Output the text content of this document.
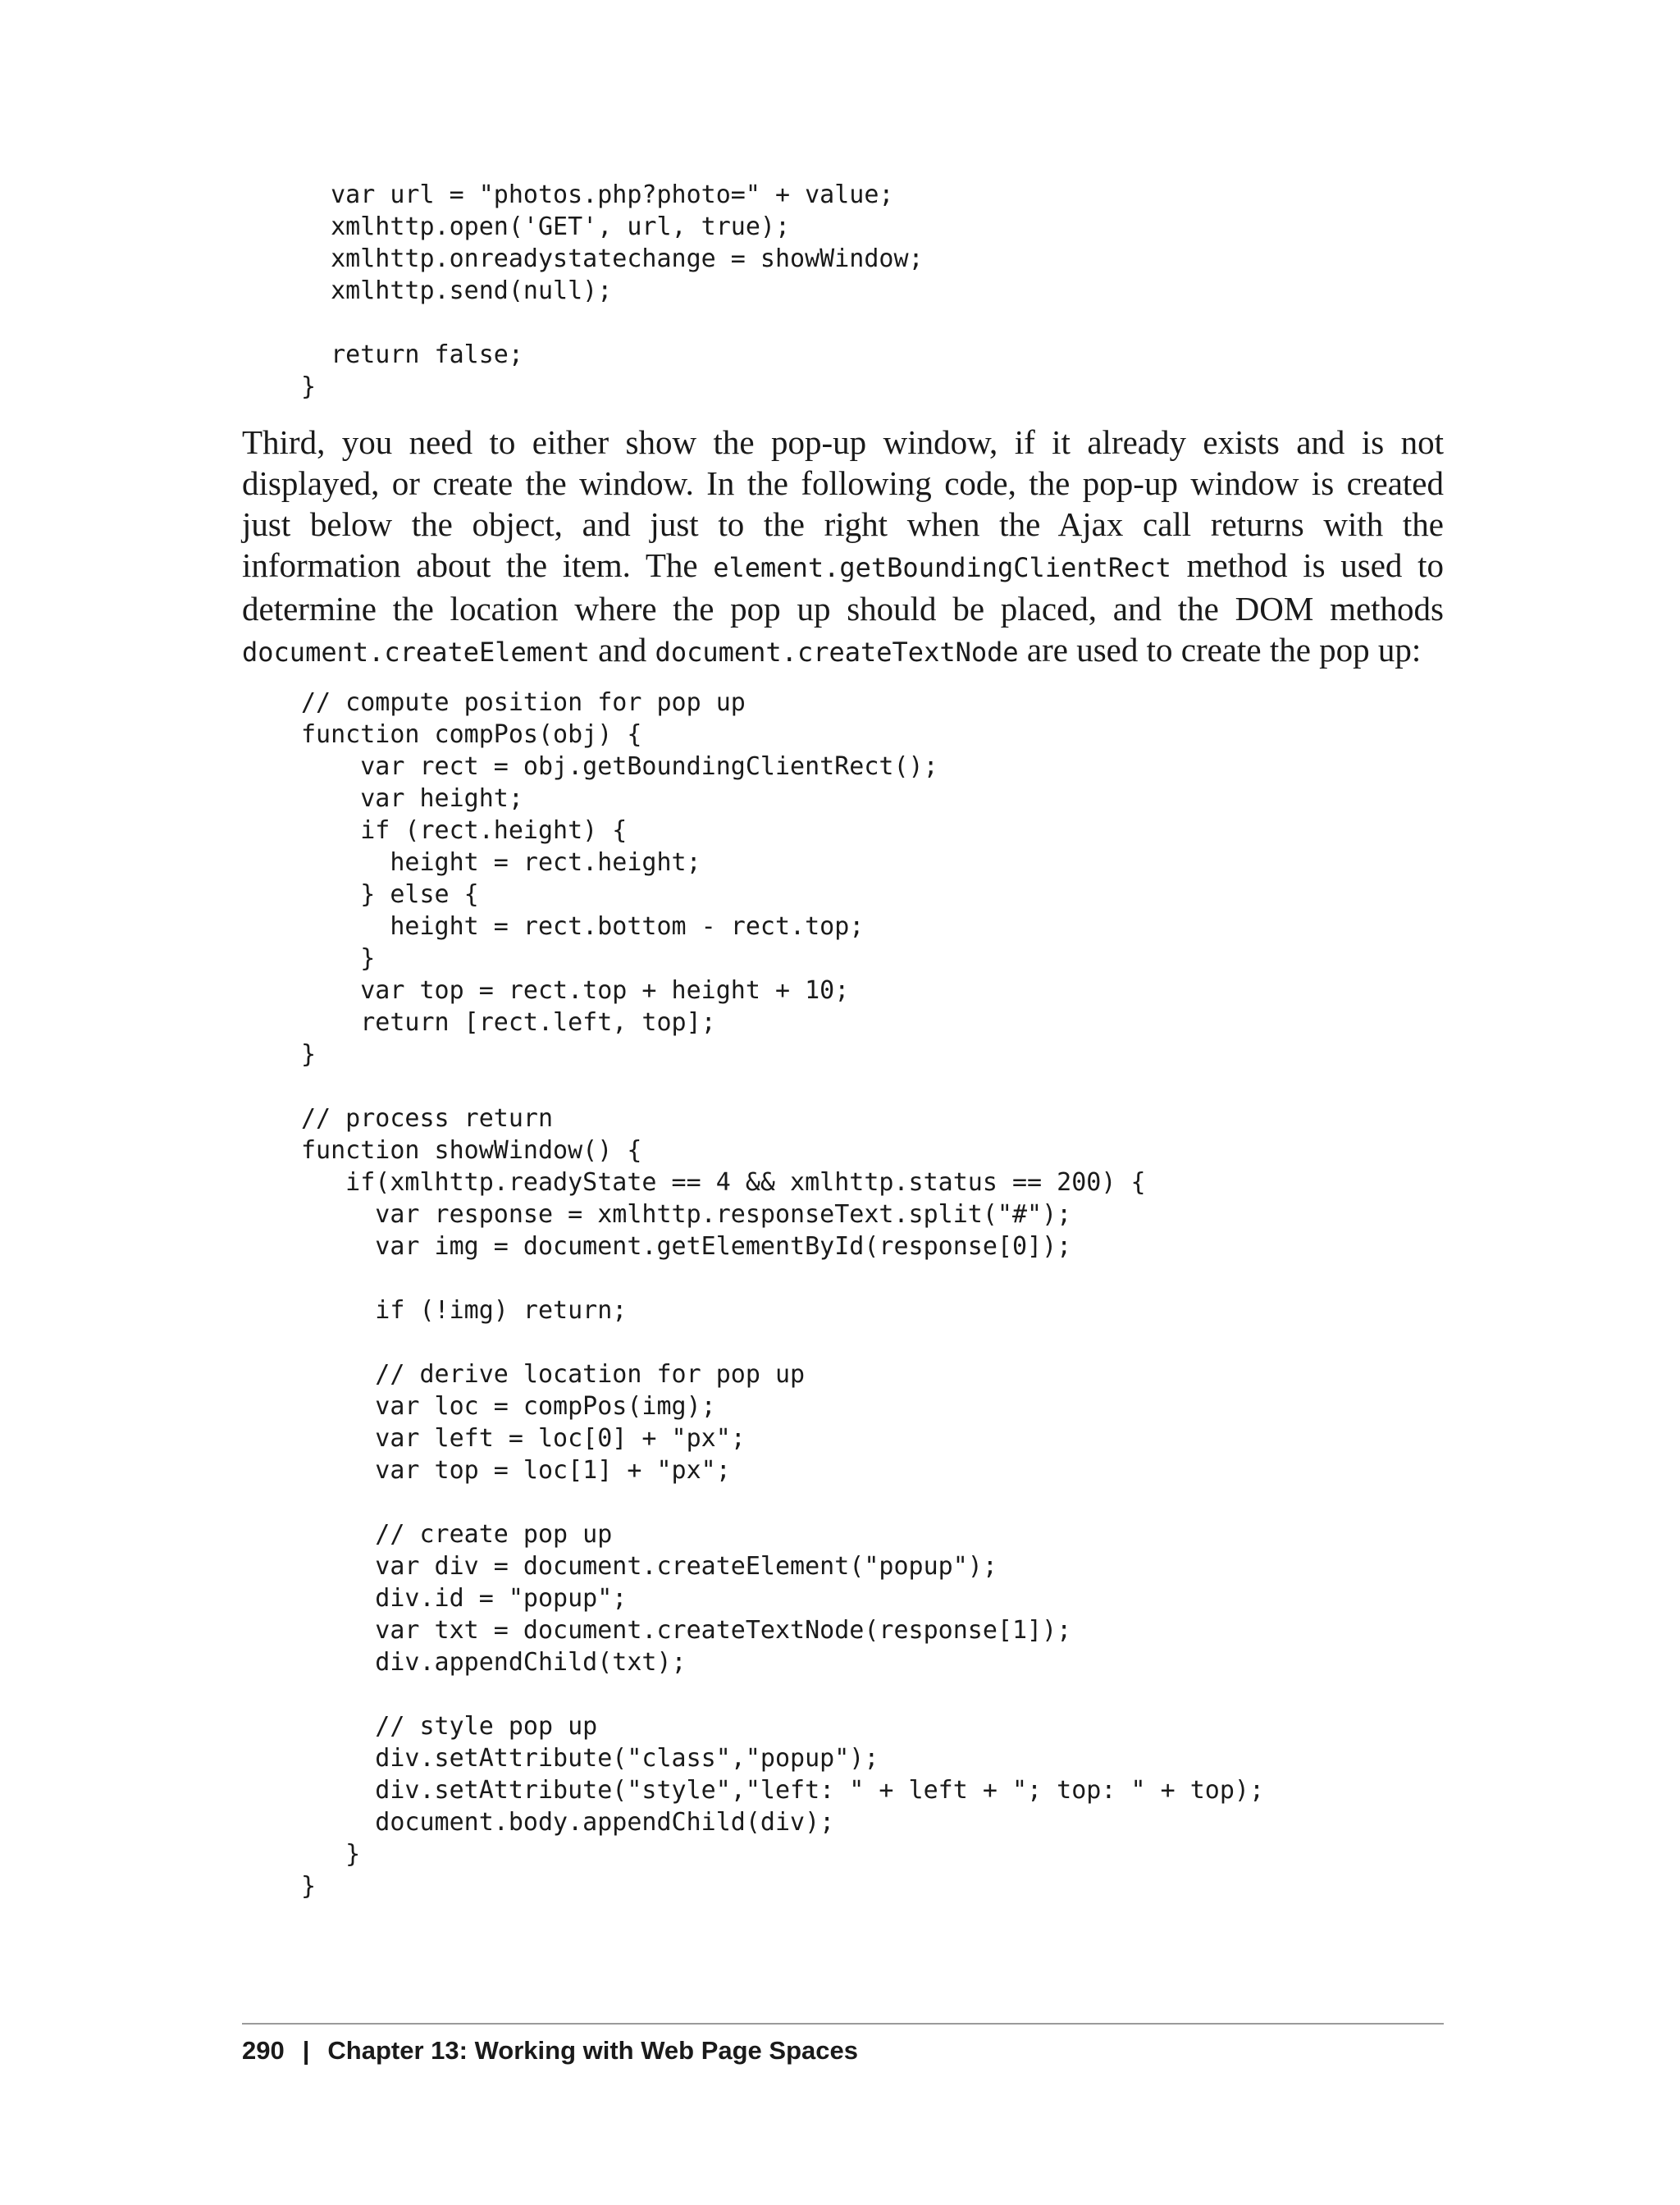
var url = "photos.php?photo=" + value;
xmlhttp.open('GET', url, true);
xmlhttp.onreadystatechange = showWindow;
xmlhttp.send(null);

return false;
}

Third, you need to either show the pop-up window, if it already exists and is not displayed, or create the window. In the following code, the pop-up window is created just below the object, and just to the right when the Ajax call returns with the information about the item. The element.getBoundingClientRect method is used to determine the location where the pop up should be placed, and the DOM methods document.createElement and document.createTextNode are used to create the pop up:

// compute position for pop up
function compPos(obj) {
var rect = obj.getBoundingClientRect();
var height;
if (rect.height) {
height = rect.height;
} else {
height = rect.bottom - rect.top;
}
var top = rect.top + height + 10;
return [rect.left, top];
}

// process return
function showWindow() {
if(xmlhttp.readyState == 4 && xmlhttp.status == 200) {
var response = xmlhttp.responseText.split("#");
var img = document.getElementById(response[0]);

if (!img) return;

// derive location for pop up
var loc = compPos(img);
var left = loc[0] + "px";
var top = loc[1] + "px";

// create pop up
var div = document.createElement("popup");
div.id = "popup";
var txt = document.createTextNode(response[1]);
div.appendChild(txt);

// style pop up
div.setAttribute("class","popup");
div.setAttribute("style","left: " + left + "; top: " + top);
document.body.appendChild(div);
}
}
290 | Chapter 13: Working with Web Page Spaces
